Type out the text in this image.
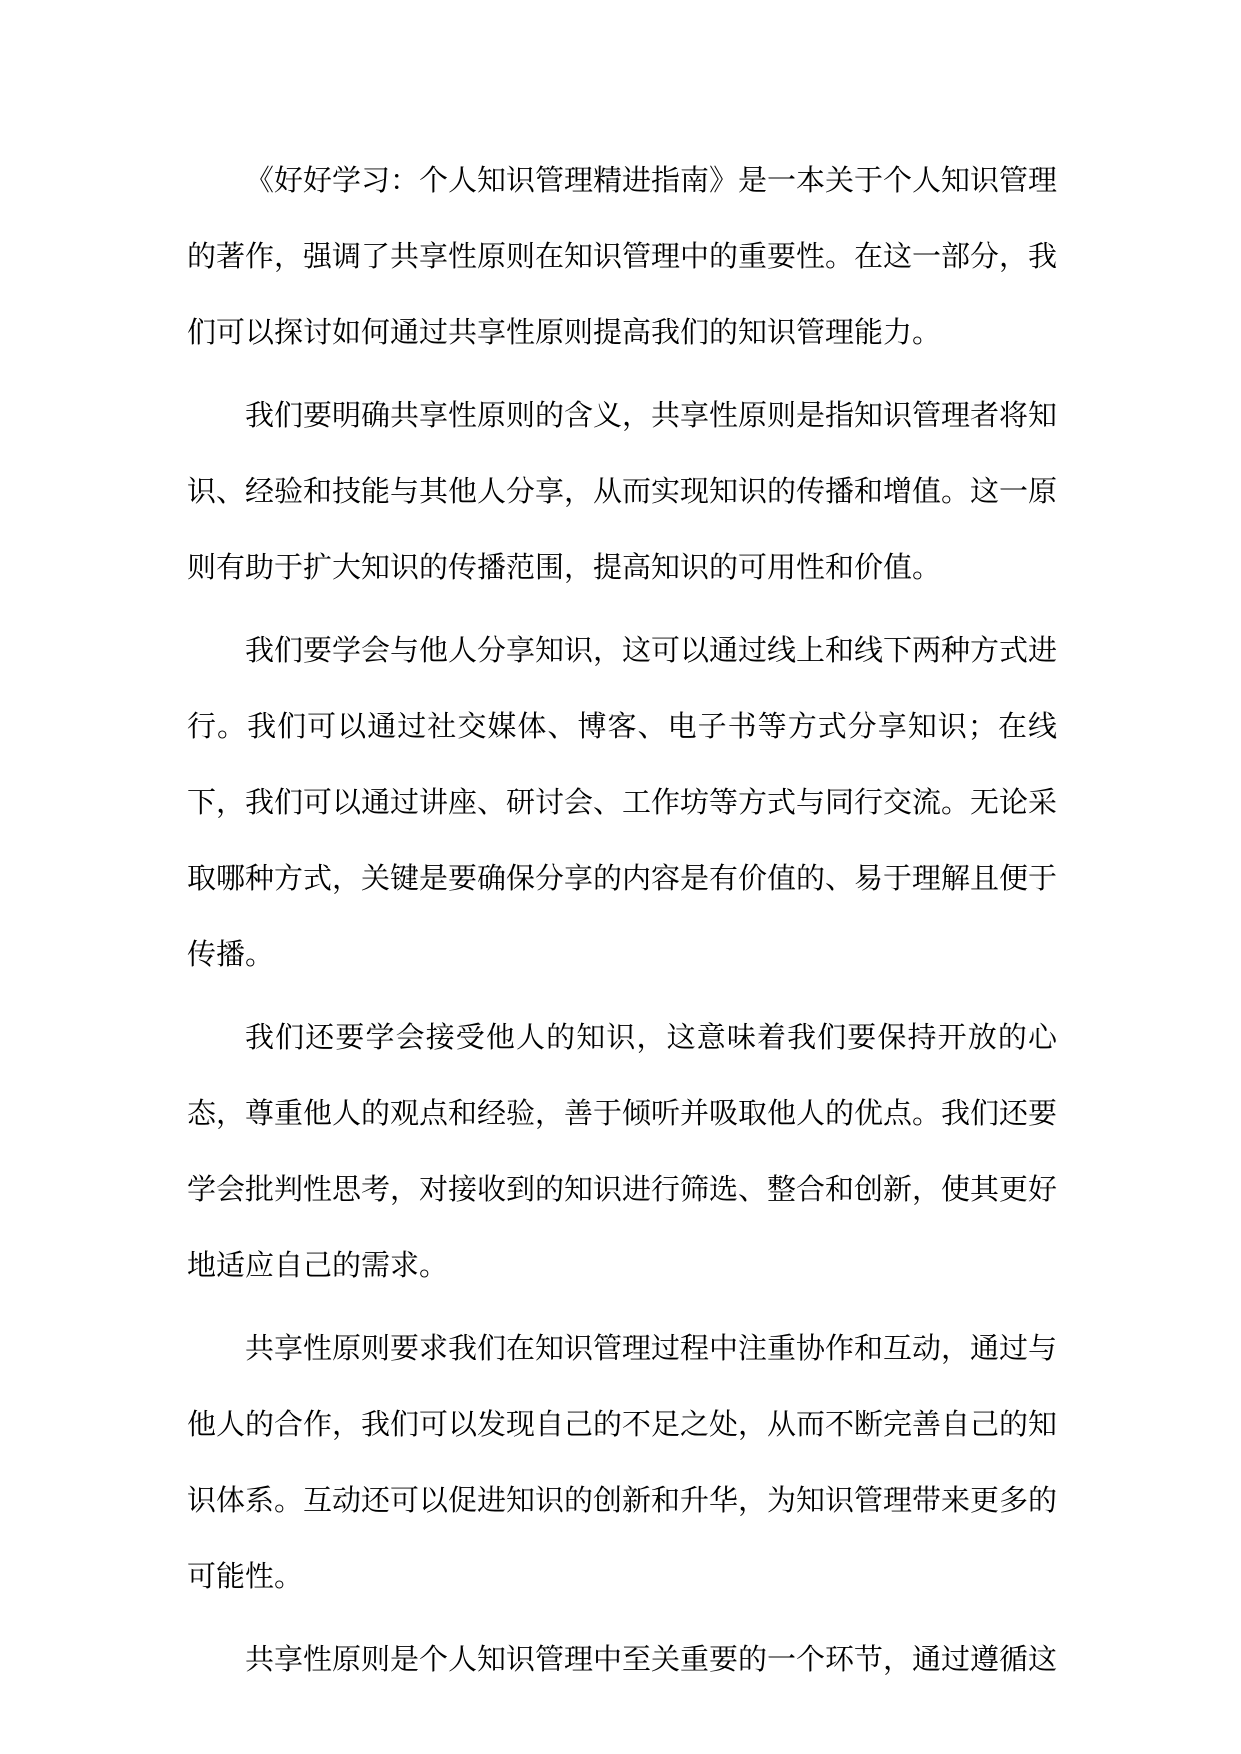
《好好学习：个人知识管理精进指南》是一本关于个人知识管理的著作，强调了共享性原则在知识管理中的重要性。在这一部分，我们可以探讨如何通过共享性原则提高我们的知识管理能力。

我们要明确共享性原则的含义，共享性原则是指知识管理者将知识、经验和技能与其他人分享，从而实现知识的传播和增值。这一原则有助于扩大知识的传播范围，提高知识的可用性和价值。

我们要学会与他人分享知识，这可以通过线上和线下两种方式进行。我们可以通过社交媒体、博客、电子书等方式分享知识；在线下，我们可以通过讲座、研讨会、工作坊等方式与同行交流。无论采取哪种方式，关键是要确保分享的内容是有价值的、易于理解且便于传播。

我们还要学会接受他人的知识，这意味着我们要保持开放的心态，尊重他人的观点和经验，善于倾听并吸取他人的优点。我们还要学会批判性思考，对接收到的知识进行筛选、整合和创新，使其更好地适应自己的需求。

共享性原则要求我们在知识管理过程中注重协作和互动，通过与他人的合作，我们可以发现自己的不足之处，从而不断完善自己的知识体系。互动还可以促进知识的创新和升华，为知识管理带来更多的可能性。

共享性原则是个人知识管理中至关重要的一个环节，通过遵循这
